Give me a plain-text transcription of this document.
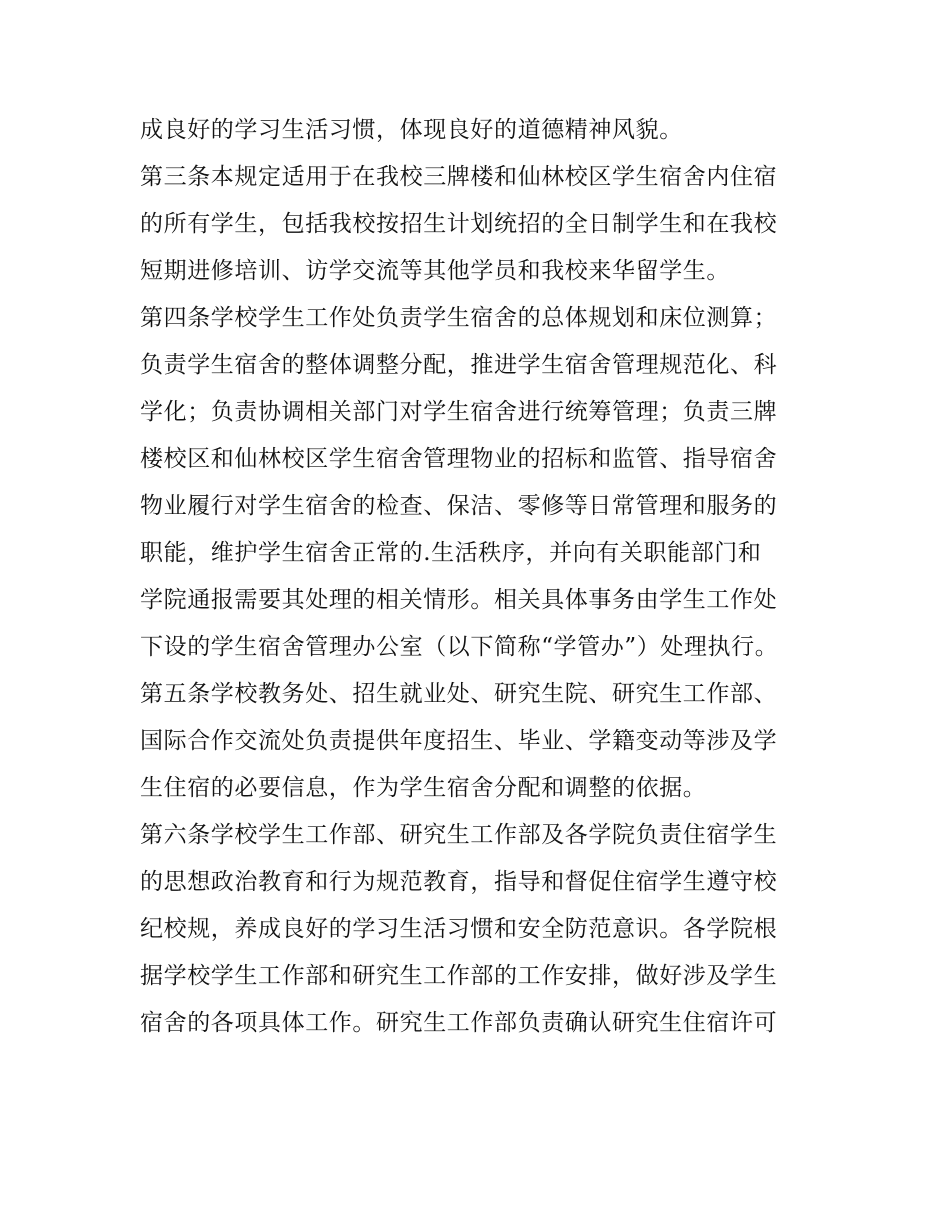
成良好的学习生活习惯，体现良好的道德精神风貌。
第三条本规定适用于在我校三牌楼和仙林校区学生宿舍内住宿
的所有学生，包括我校按招生计划统招的全日制学生和在我校
短期进修培训、访学交流等其他学员和我校来华留学生。
第四条学校学生工作处负责学生宿舍的总体规划和床位测算；
负责学生宿舍的整体调整分配，推进学生宿舍管理规范化、科
学化；负责协调相关部门对学生宿舍进行统筹管理；负责三牌
楼校区和仙林校区学生宿舍管理物业的招标和监管、指导宿舍
物业履行对学生宿舍的检查、保洁、零修等日常管理和服务的
职能，维护学生宿舍正常的.生活秩序，并向有关职能部门和
学院通报需要其处理的相关情形。相关具体事务由学生工作处
下设的学生宿舍管理办公室（以下简称“学管办”）处理执行。
第五条学校教务处、招生就业处、研究生院、研究生工作部、
国际合作交流处负责提供年度招生、毕业、学籍变动等涉及学
生住宿的必要信息，作为学生宿舍分配和调整的依据。
第六条学校学生工作部、研究生工作部及各学院负责住宿学生
的思想政治教育和行为规范教育，指导和督促住宿学生遵守校
纪校规，养成良好的学习生活习惯和安全防范意识。各学院根
据学校学生工作部和研究生工作部的工作安排，做好涉及学生
宿舍的各项具体工作。研究生工作部负责确认研究生住宿许可
